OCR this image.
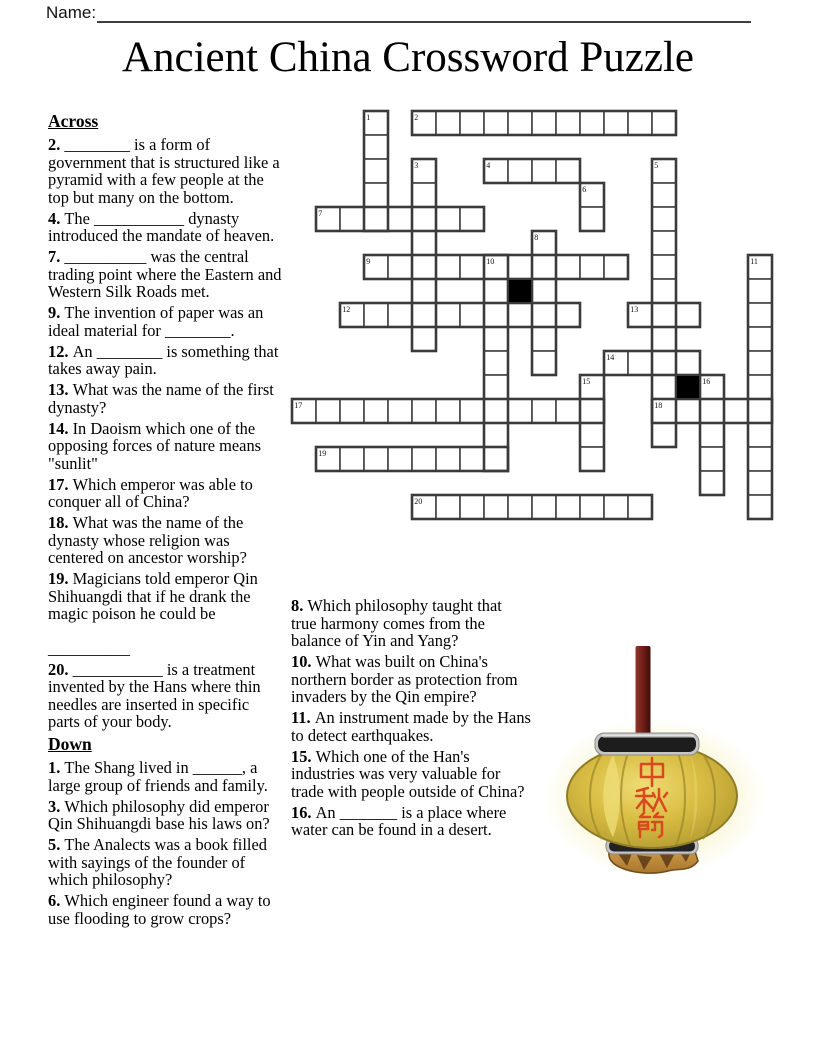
Name:
Ancient China Crossword Puzzle
1	2
3	4	5
18
6
7
8
9	10	11
12	13
14
15	16
17
19
20

Across

2. ________ is a form of government that is structured like a pyramid with a few people at the top but many on the bottom.

4. The ___________ dynasty introduced the mandate of heaven.

7. __________ was the central trading point where the Eastern and Western Silk Roads met.

9. The invention of paper was an ideal material for ________.

12. An ________ is something that takes away pain.

13. What was the name of the first dynasty?

14. In Daoism which one of the opposing forces of nature means "sunlit"

17. Which emperor was able to conquer all of China?

18. What was the name of the dynasty whose religion was centered on ancestor worship?

19. Magicians told emperor Qin Shihuangdi that if he drank the magic poison he could be
__________

20. ___________ is a treatment invented by the Hans where thin needles are inserted in specific parts of your body.

Down

1. The Shang lived in ______, a large group of friends and family.

3. Which philosophy did emperor Qin Shihuangdi base his laws on?

5. The Analects was a book filled with sayings of the founder of which philosophy?

6. Which engineer found a way to use flooding to grow crops?

8. Which philosophy taught that true harmony comes from the balance of Yin and Yang?

10. What was built on China's northern border as protection from invaders by the Qin empire?

11. An instrument made by the Hans to detect earthquakes.

15. Which one of the Han's industries was very valuable for trade with people outside of China?

16. An _______ is a place where water can be found in a desert.
